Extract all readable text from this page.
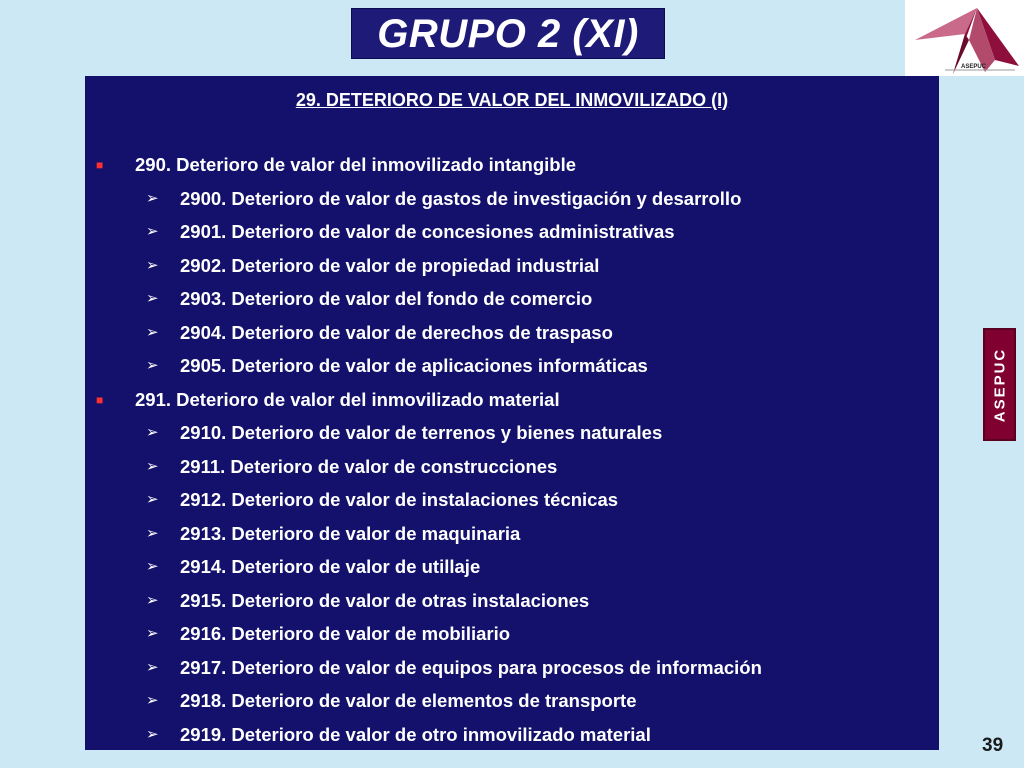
GRUPO 2 (XI)
ASEPUC
29. DETERIORO DE VALOR DEL INMOVILIZADO (I)
■ 290. Deterioro de valor del inmovilizado intangible
➢ 2900. Deterioro de valor de gastos de investigación y desarrollo
➢ 2901. Deterioro de valor de concesiones administrativas
➢ 2902. Deterioro de valor de propiedad industrial
➢ 2903. Deterioro de valor del fondo de comercio
➢ 2904. Deterioro de valor de derechos de traspaso
➢ 2905. Deterioro de valor de aplicaciones informáticas
■ 291. Deterioro de valor del inmovilizado material
➢ 2910. Deterioro de valor de terrenos y bienes naturales
➢ 2911. Deterioro de valor de construcciones
➢ 2912. Deterioro de valor de instalaciones técnicas
➢ 2913. Deterioro de valor de maquinaria
➢ 2914. Deterioro de valor de utillaje
➢ 2915. Deterioro de valor de otras instalaciones
➢ 2916. Deterioro de valor de mobiliario
➢ 2917. Deterioro de valor de equipos para procesos de información
➢ 2918. Deterioro de valor de elementos de transporte
➢ 2919. Deterioro de valor de otro inmovilizado material
ASEPUC
39
